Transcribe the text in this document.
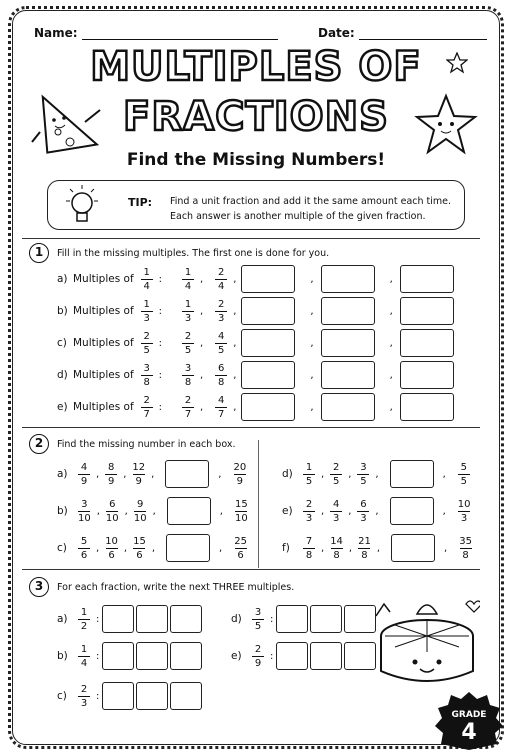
Name:	Date:
MULTIPLES OF
FRACTIONS
Find the Missing Numbers!
TIP: Find a unit fraction and add it the same amount each time.
Each answer is another multiple of the given fraction.
1	Fill in the missing multiples. The first one is done for you.
a) Multiples of $\frac{1}{4}$ : $\frac{1}{4}$ , $\frac{2}{4}$ ,	,	,
b) Multiples of $\frac{1}{3}$ : $\frac{1}{3}$ , $\frac{2}{3}$ ,	,	,
c) Multiples of $\frac{2}{5}$ : $\frac{2}{5}$ , $\frac{4}{5}$ ,	,	,
d) Multiples of $\frac{3}{8}$ : $\frac{3}{8}$ , $\frac{6}{8}$ ,	,	,
e) Multiples of $\frac{2}{7}$ : $\frac{2}{7}$ , $\frac{4}{7}$ ,	,	,
2	Find the missing number in each box.
a)	$\frac{4}{9}$ , $\frac{8}{9}$ , $\frac{12}{9}$ ,	, $\frac{20}{9}$
b)	$\frac{3}{10}$ , $\frac{6}{10}$ , $\frac{9}{10}$ ,	, $\frac{15}{10}$
c)	$\frac{5}{6}$ , $\frac{10}{6}$ , $\frac{15}{6}$ ,	, $\frac{25}{6}$
d)	$\frac{1}{5}$ , $\frac{2}{5}$ , $\frac{3}{5}$ ,	, $\frac{5}{5}$
e)	$\frac{2}{3}$ , $\frac{4}{3}$ , $\frac{6}{3}$ ,	, $\frac{10}{3}$
f)	$\frac{7}{8}$ , $\frac{14}{8}$ , $\frac{21}{8}$ ,	, $\frac{35}{8}$
3	For each fraction, write the next THREE multiples.
a)	$\frac{1}{2}$ :
b)	$\frac{1}{4}$ :
c)	$\frac{2}{3}$ :
d)	$\frac{3}{5}$ :
e)	$\frac{2}{9}$ :
GRADE
4
